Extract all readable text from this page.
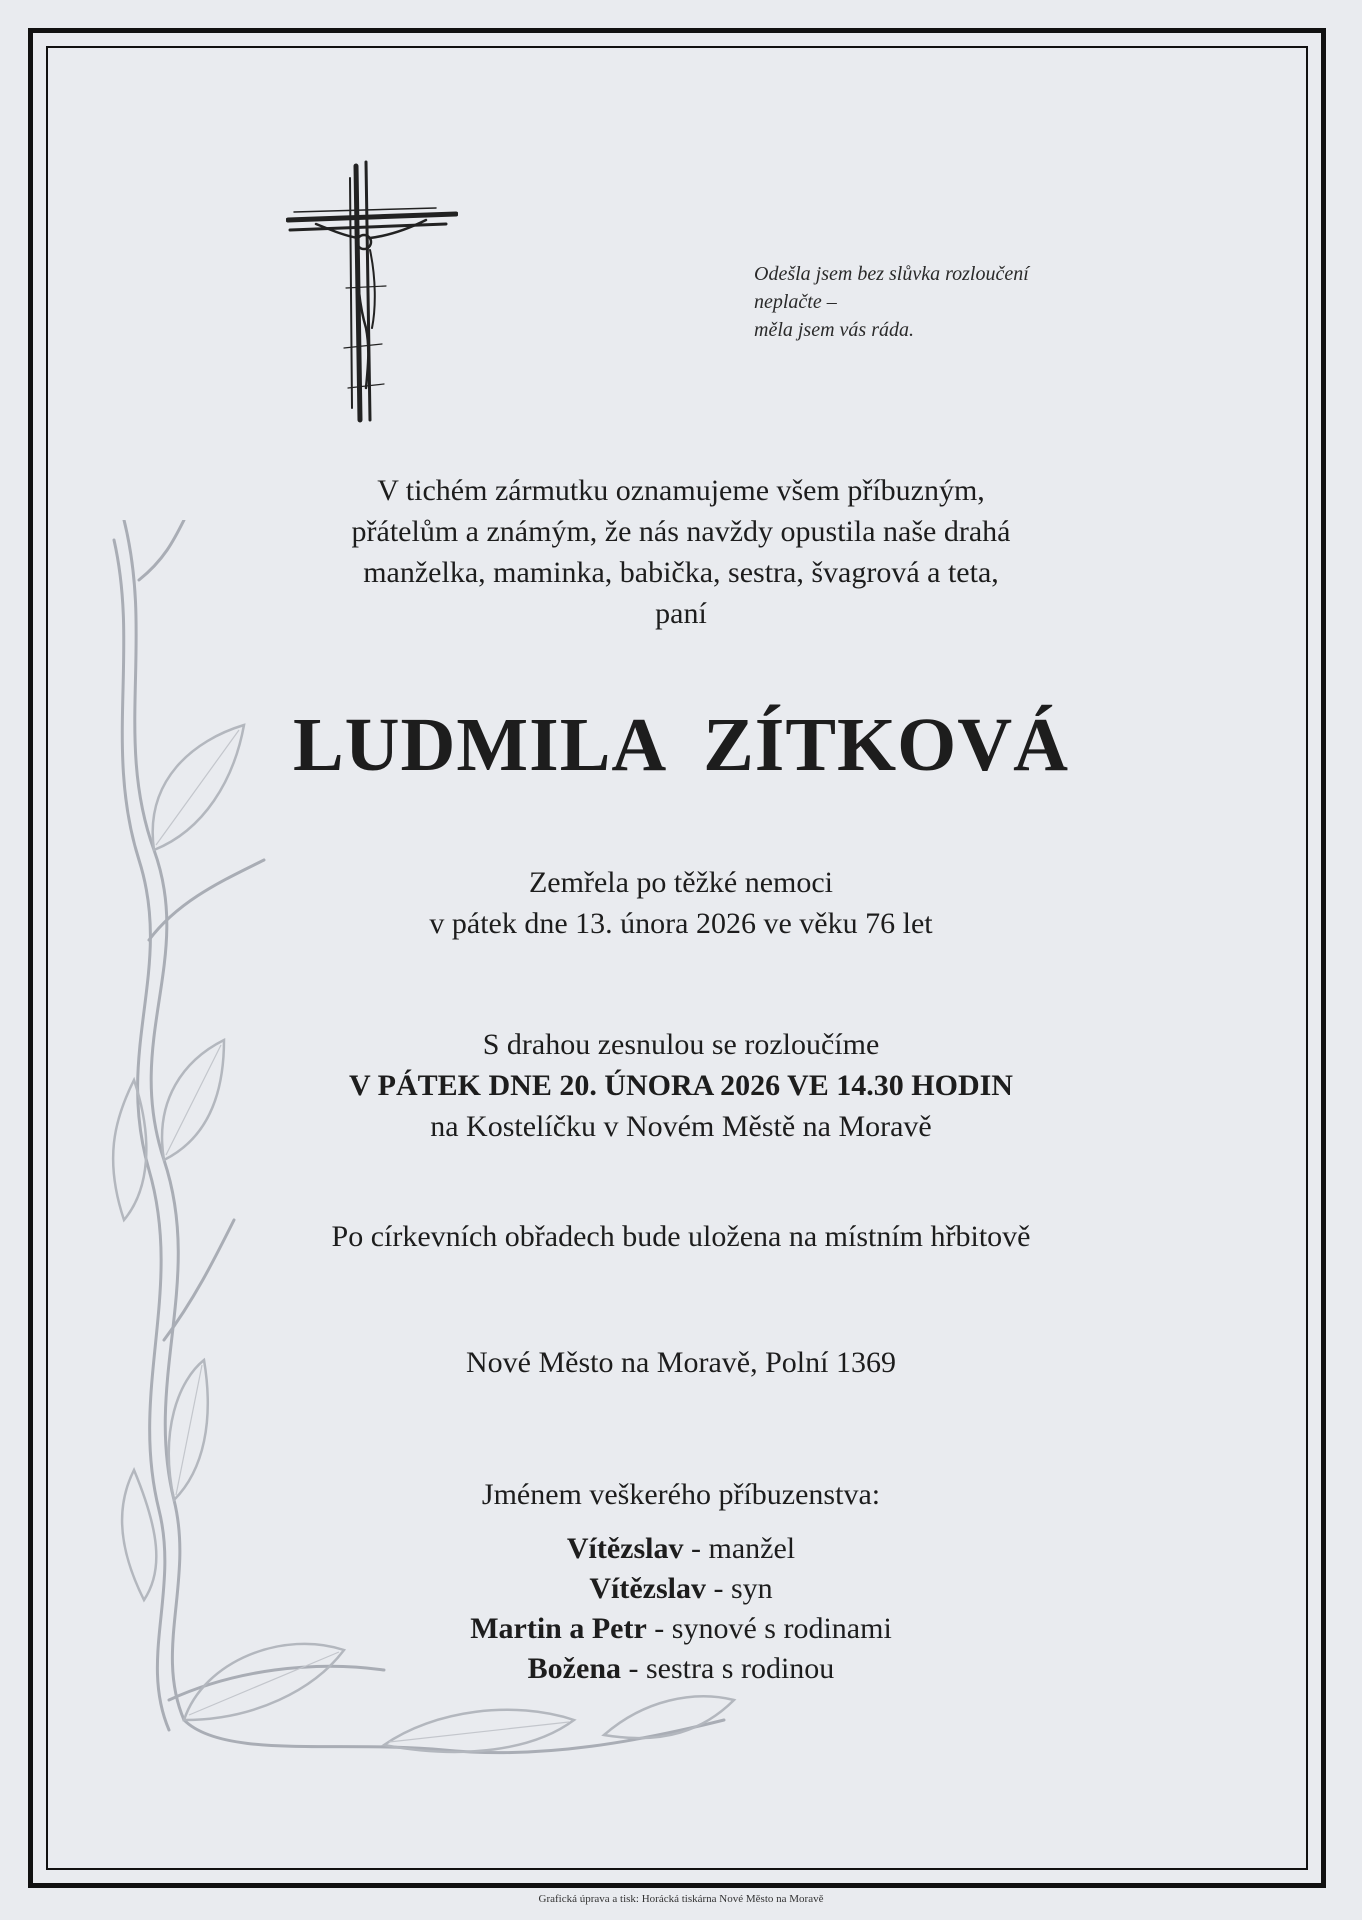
Odešla jsem bez slůvka rozloučení
neplačte –
měla jsem vás ráda.
V tichém zármutku oznamujeme všem příbuzným,
přátelům a známým, že nás navždy opustila naše drahá
manželka, maminka, babička, sestra, švagrová a teta,
paní
LUDMILA  ZÍTKOVÁ
Zemřela po těžké nemoci
v pátek dne 13. února 2026 ve věku 76 let
S drahou zesnulou se rozloučíme
V PÁTEK DNE 20. ÚNORA 2026 VE 14.30 HODIN
na Kostelíčku v Novém Městě na Moravě
Po církevních obřadech bude uložena na místním hřbitově
Nové Město na Moravě, Polní 1369
Jménem veškerého příbuzenstva:
Vítězslav - manžel
Vítězslav - syn
Martin a Petr - synové s rodinami
Božena - sestra s rodinou
Grafická úprava a tisk: Horácká tiskárna Nové Město na Moravě
